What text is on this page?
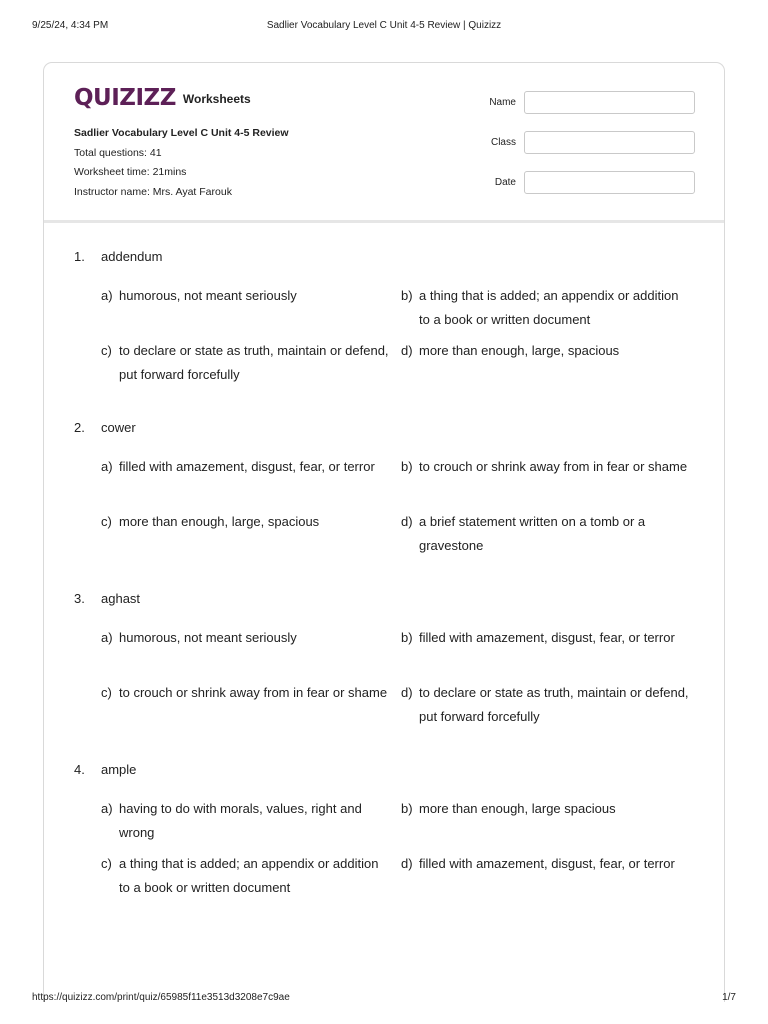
9/25/24, 4:34 PM	Sadlier Vocabulary Level C Unit 4-5 Review | Quizizz
QUIZIZZ Worksheets
Sadlier Vocabulary Level C Unit 4-5 Review
Total questions: 41
Worksheet time: 21mins
Instructor name: Mrs. Ayat Farouk
Name
Class
Date
1. addendum
a) humorous, not meant seriously	b) a thing that is added; an appendix or addition to a book or written document
c) to declare or state as truth, maintain or defend, put forward forcefully
d) more than enough, large, spacious
2. cower
a) filled with amazement, disgust, fear, or terror	b) to crouch or shrink away from in fear or shame
c) more than enough, large, spacious	d) a brief statement written on a tomb or a gravestone
3. aghast
a) humorous, not meant seriously	b) filled with amazement, disgust, fear, or terror
c) to crouch or shrink away from in fear or shame	d) to declare or state as truth, maintain or defend, put forward forcefully
4. ample
a) having to do with morals, values, right and wrong
b) more than enough, large spacious
c) a thing that is added; an appendix or addition to a book or written document
d) filled with amazement, disgust, fear, or terror
https://quizizz.com/print/quiz/65985f11e3513d3208e7c9ae	1/7
